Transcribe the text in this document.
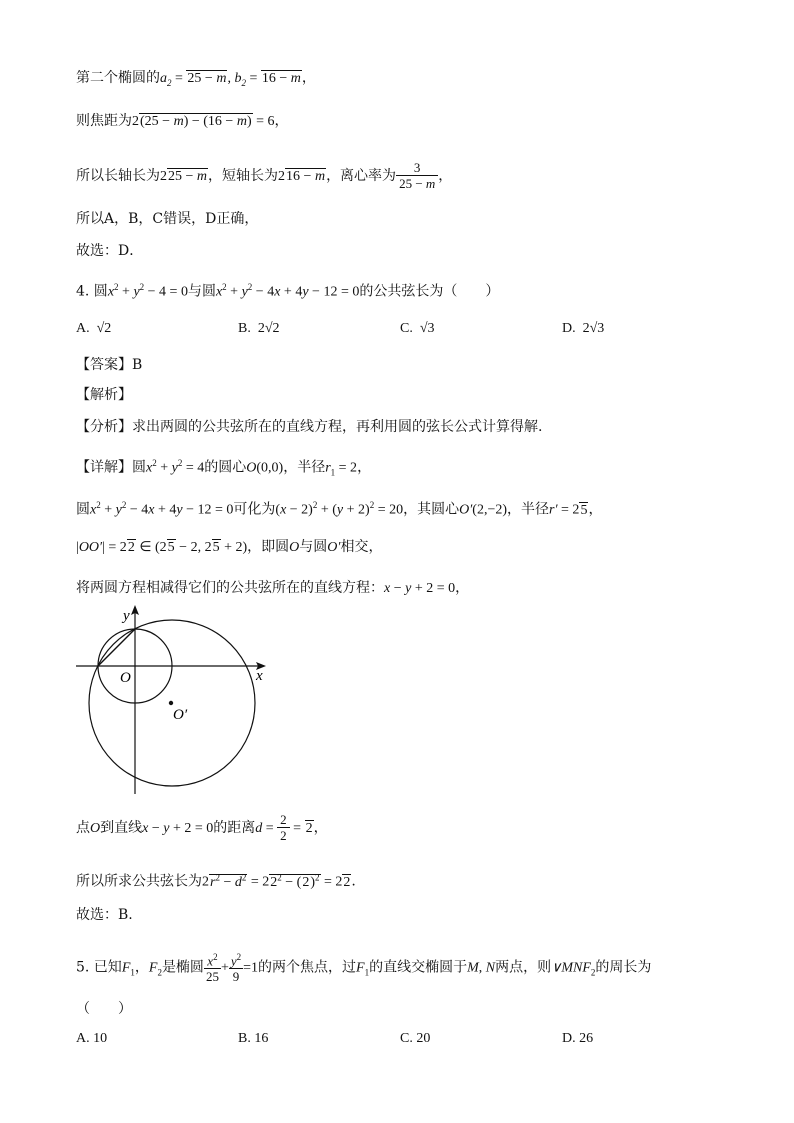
第二个椭圆的$a_2 = 25 - m$, $b_2 = 16 - m$，
则焦距为2(25 − m) − (16 − m) = 6，
所以长轴长为225 − m，短轴长为216 − m，离心率为 $\frac{3}{25 - m}$ ，
所以A，B，C错误，D正确，
故选：D．
4. 圆$x^2 + y^2 - 4 = 0$与圆$x^2 + y^2 - 4x + 4y - 12 = 0$的公共弦长为（　　）
A. √2	B. 2√2	C. √3	D. 2√3
【答案】B
【解析】
【分析】求出两圆的公共弦所在的直线方程，再利用圆的弦长公式计算得解.
【详解】圆$x^2 + y^2 = 4$的圆心O(0,0)，半径$r_1 = 2$，
圆$x^2 + y^2 - 4x + 4y - 12 = 0$可化为$(x - 2)^2 + (y + 2)^2 = 20$，其圆心O′(2,−2)，半径r′ = 25，
|OO′| = 22 ∈ (25 − 2, 25 + 2)，即圆O与圆O′相交，
将两圆方程相减得它们的公共弦所在的直线方程：x − y + 2 = 0，
x
y
O
O′
点O到直线x − y + 2 = 0的距离$d = \frac{2}{2} = 2$，
所以所求公共弦长为$2r^2 - d^2 = 22^2 - (2)^2 = 22$.
故选：B.
5. 已知$F_1$，$F_2$是椭圆 $\frac{x^2}{25} + \frac{y^2}{9} =1$的两个焦点，过$F_1$的直线交椭圆于M, N两点，则$\vee MNF_2$的周长为
（　　）
A. 10	B. 16	C. 20	D. 26
